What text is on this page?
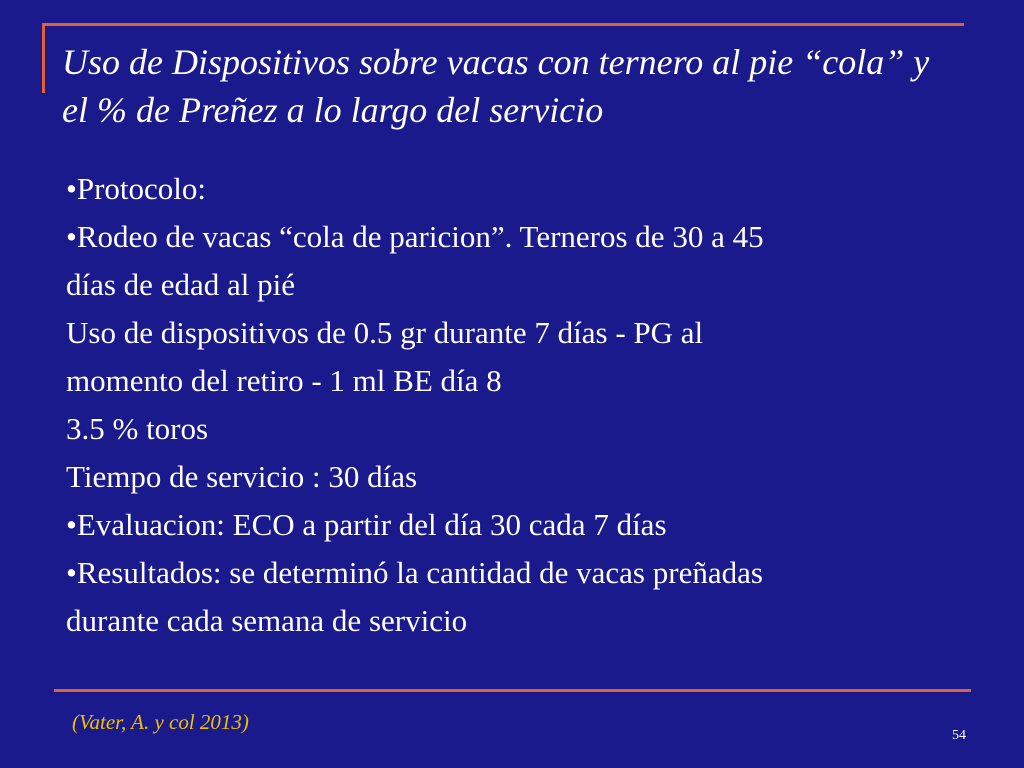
Uso de Dispositivos sobre vacas con ternero al pie “cola” y
el % de Preñez a lo largo del servicio
•Protocolo:
•Rodeo de vacas “cola de paricion”. Terneros de 30 a 45
días de edad al pié
Uso de dispositivos de 0.5 gr durante 7 días - PG al
momento del retiro - 1 ml BE día 8
3.5 % toros
Tiempo de servicio : 30 días
•Evaluacion: ECO a partir del día 30 cada 7 días
•Resultados: se determinó la cantidad de vacas preñadas
durante cada semana de servicio
(Vater, A. y col 2013)
54
